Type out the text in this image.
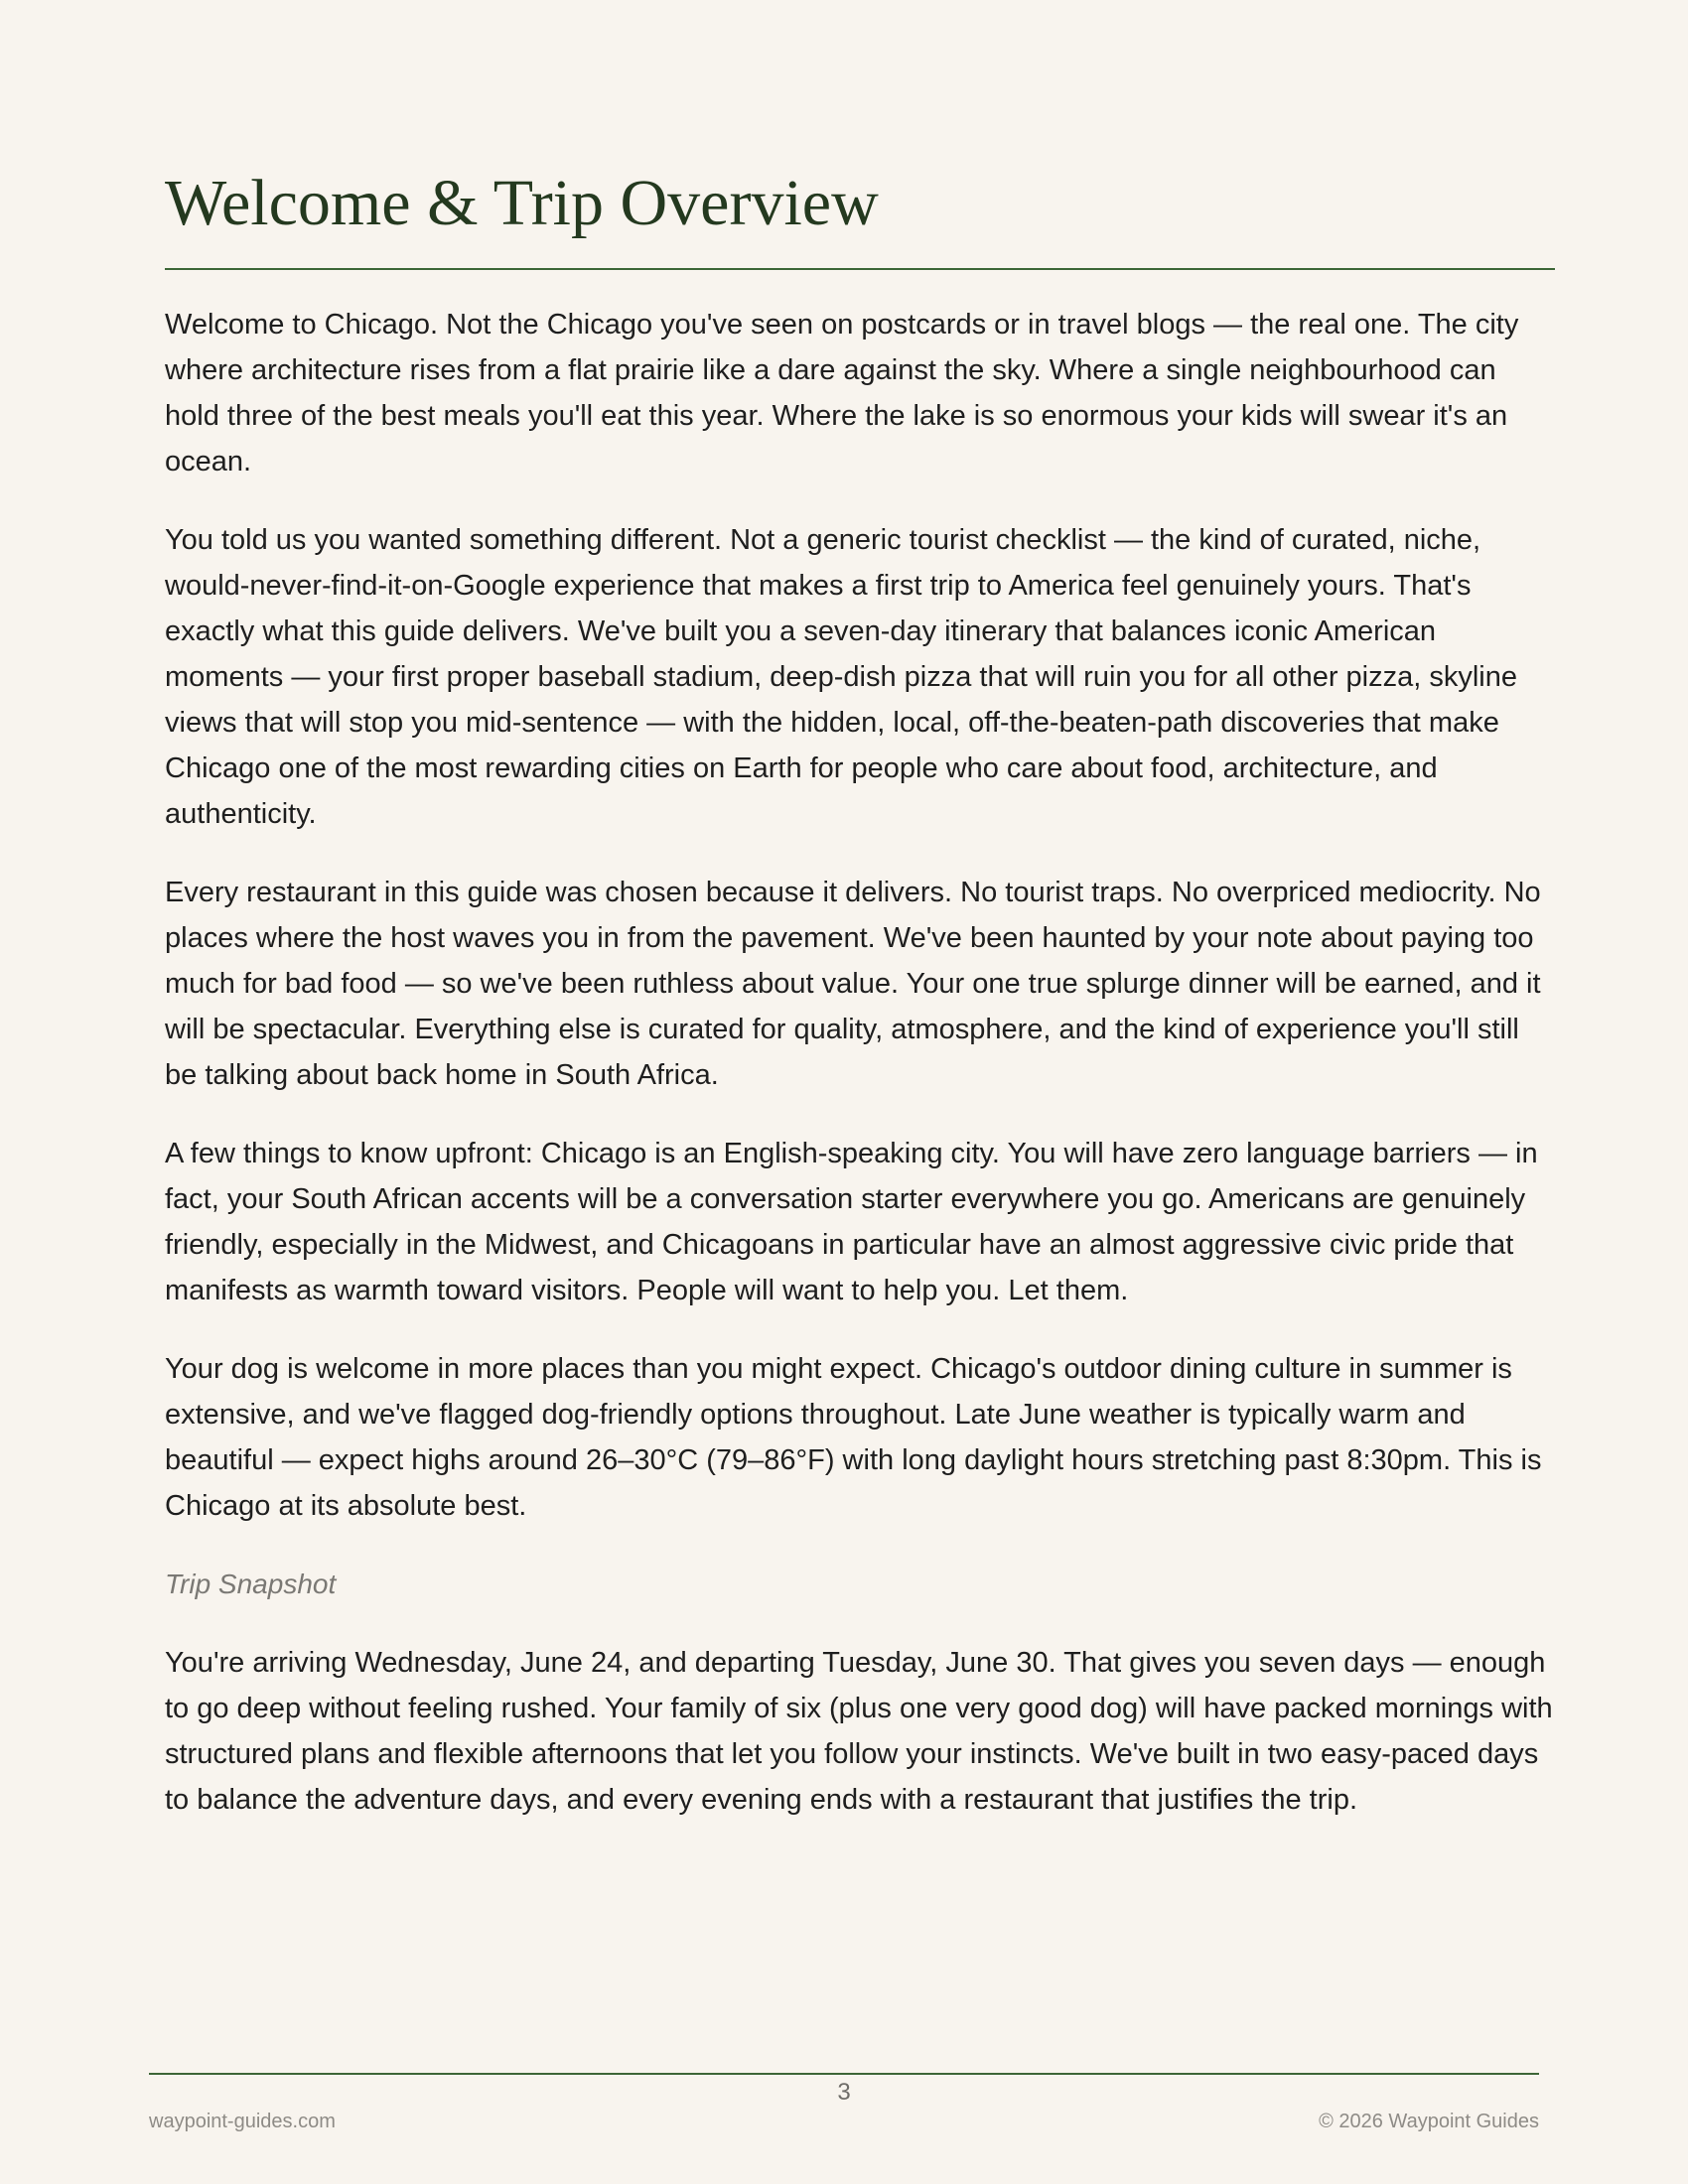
Welcome & Trip Overview

Welcome to Chicago. Not the Chicago you've seen on postcards or in travel blogs — the real one. The city where architecture rises from a flat prairie like a dare against the sky. Where a single neighbourhood can hold three of the best meals you'll eat this year. Where the lake is so enormous your kids will swear it's an ocean.

You told us you wanted something different. Not a generic tourist checklist — the kind of curated, niche, would-never-find-it-on-Google experience that makes a first trip to America feel genuinely yours. That's exactly what this guide delivers. We've built you a seven-day itinerary that balances iconic American moments — your first proper baseball stadium, deep-dish pizza that will ruin you for all other pizza, skyline views that will stop you mid-sentence — with the hidden, local, off-the-beaten-path discoveries that make Chicago one of the most rewarding cities on Earth for people who care about food, architecture, and authenticity.

Every restaurant in this guide was chosen because it delivers. No tourist traps. No overpriced mediocrity. No places where the host waves you in from the pavement. We've been haunted by your note about paying too much for bad food — so we've been ruthless about value. Your one true splurge dinner will be earned, and it will be spectacular. Everything else is curated for quality, atmosphere, and the kind of experience you'll still be talking about back home in South Africa.

A few things to know upfront: Chicago is an English-speaking city. You will have zero language barriers — in fact, your South African accents will be a conversation starter everywhere you go. Americans are genuinely friendly, especially in the Midwest, and Chicagoans in particular have an almost aggressive civic pride that manifests as warmth toward visitors. People will want to help you. Let them.

Your dog is welcome in more places than you might expect. Chicago's outdoor dining culture in summer is extensive, and we've flagged dog-friendly options throughout. Late June weather is typically warm and beautiful — expect highs around 26–30°C (79–86°F) with long daylight hours stretching past 8:30pm. This is Chicago at its absolute best.

Trip Snapshot

You're arriving Wednesday, June 24, and departing Tuesday, June 30. That gives you seven days — enough to go deep without feeling rushed. Your family of six (plus one very good dog) will have packed mornings with structured plans and flexible afternoons that let you follow your instincts. We've built in two easy-paced days to balance the adventure days, and every evening ends with a restaurant that justifies the trip.

3
waypoint-guides.com	© 2026 Waypoint Guides
